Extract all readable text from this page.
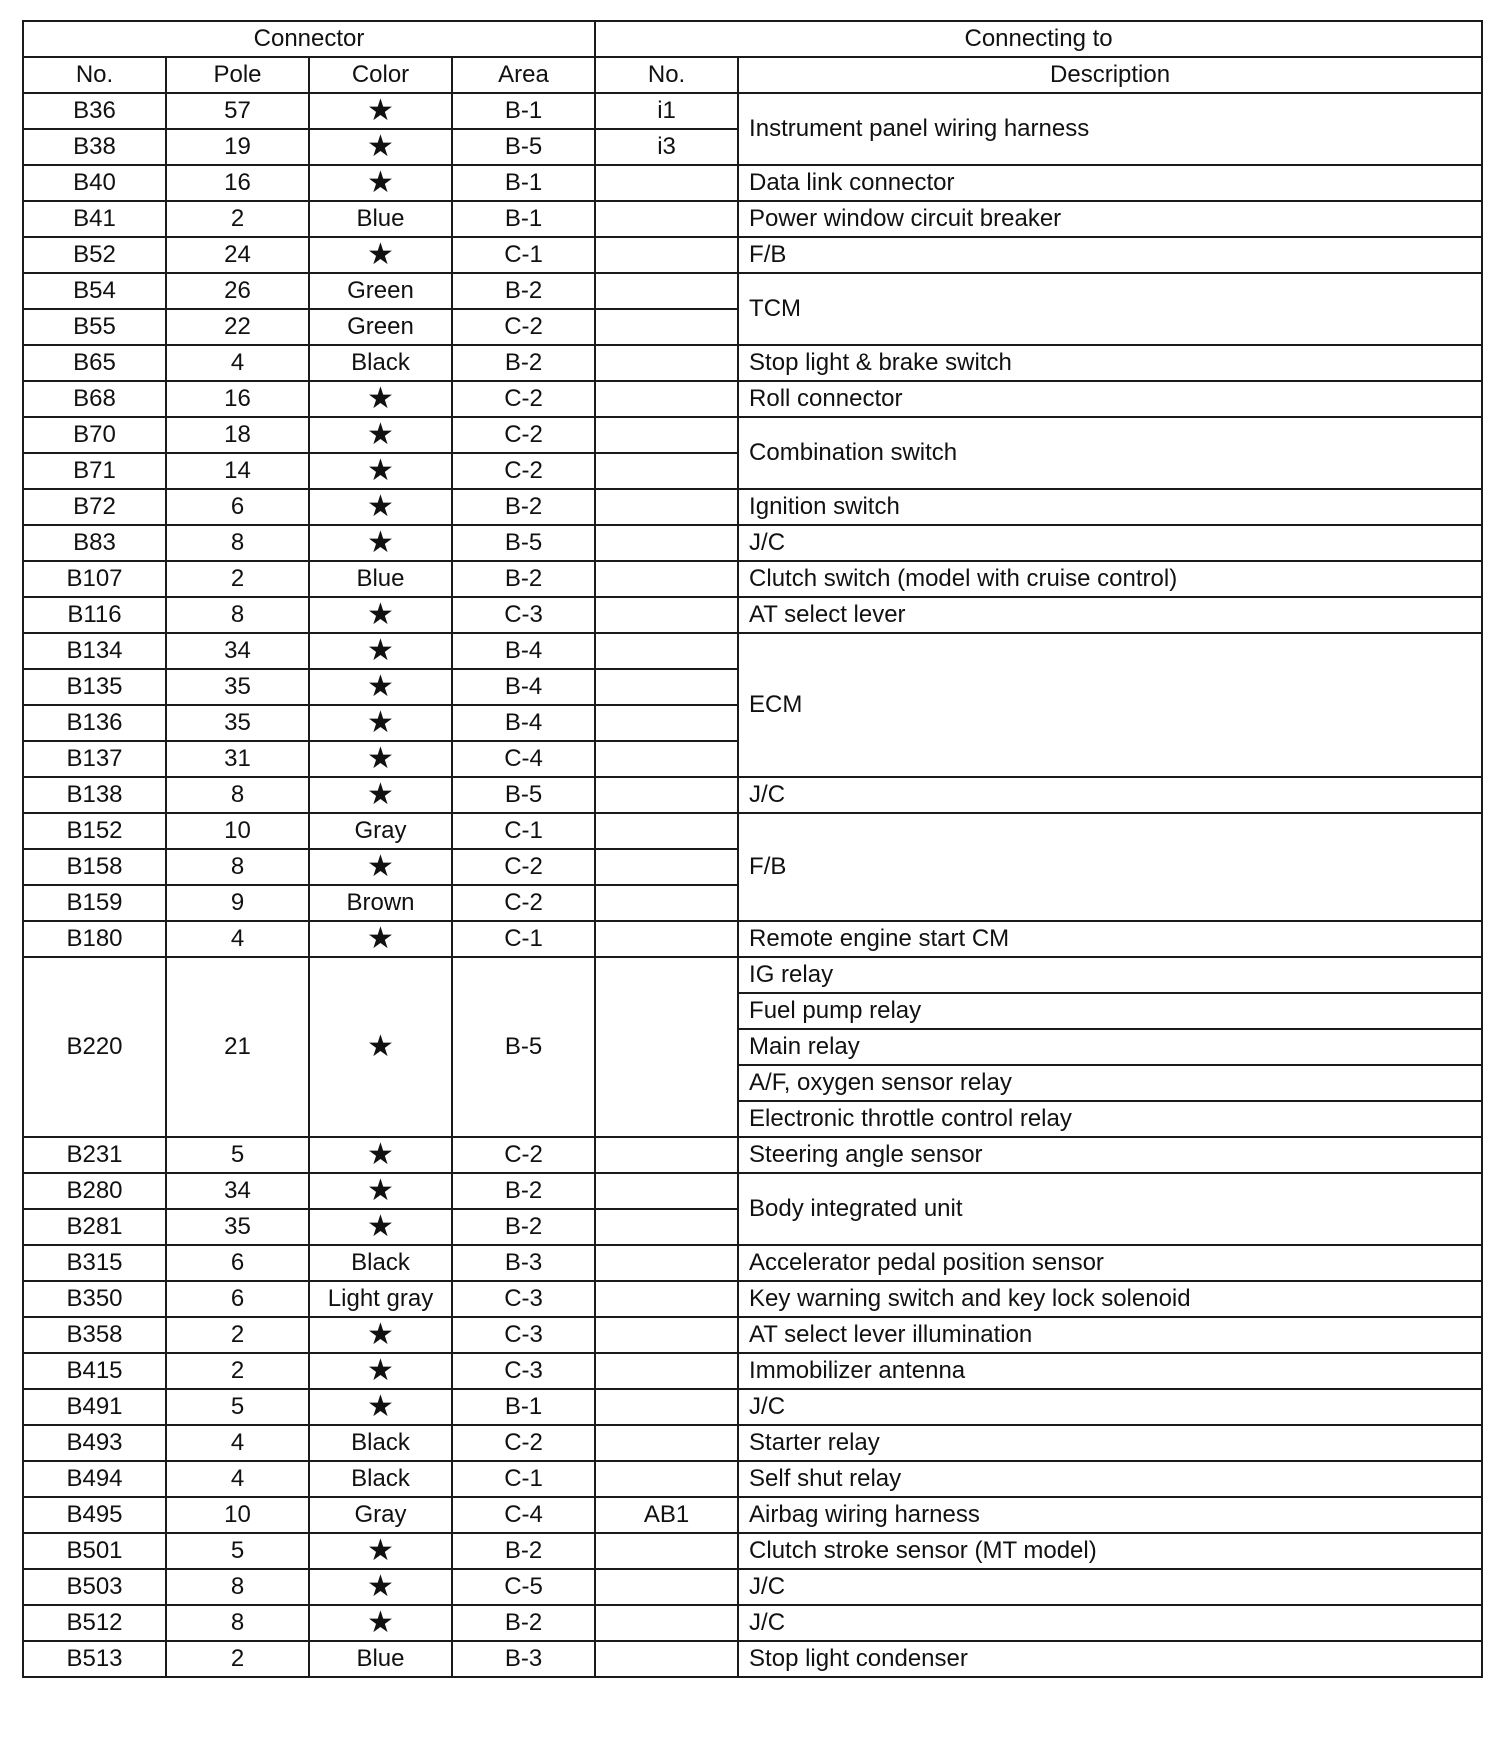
Connector				Connecting to	
No.	Pole	Color	Area	No.	Description
B36	57	★	B-1	i1	Instrument panel wiring harness
B38	19	★	B-5	i3	
B40	16	★	B-1		Data link connector
B41	2	Blue	B-1		Power window circuit breaker
B52	24	★	C-1		F/B
B54	26	Green	B-2		TCM
B55	22	Green	C-2		
B65	4	Black	B-2		Stop light & brake switch
B68	16	★	C-2		Roll connector
B70	18	★	C-2		Combination switch
B71	14	★	C-2		
B72	6	★	B-2		Ignition switch
B83	8	★	B-5		J/C
B107	2	Blue	B-2		Clutch switch (model with cruise control)
B116	8	★	C-3		AT select lever
B134	34	★	B-4		ECM
B135	35	★	B-4		
B136	35	★	B-4		
B137	31	★	C-4		
B138	8	★	B-5		J/C
B152	10	Gray	C-1		F/B
B158	8	★	C-2		
B159	9	Brown	C-2		
B180	4	★	C-1		Remote engine start CM
B220	21	★	B-5		IG relay
					Fuel pump relay
					Main relay
					A/F, oxygen sensor relay
					Electronic throttle control relay
B231	5	★	C-2		Steering angle sensor
B280	34	★	B-2		Body integrated unit
B281	35	★	B-2		
B315	6	Black	B-3		Accelerator pedal position sensor
B350	6	Light gray	C-3		Key warning switch and key lock solenoid
B358	2	★	C-3		AT select lever illumination
B415	2	★	C-3		Immobilizer antenna
B491	5	★	B-1		J/C
B493	4	Black	C-2		Starter relay
B494	4	Black	C-1		Self shut relay
B495	10	Gray	C-4	AB1	Airbag wiring harness
B501	5	★	B-2		Clutch stroke sensor (MT model)
B503	8	★	C-5		J/C
B512	8	★	B-2		J/C
B513	2	Blue	B-3		Stop light condenser
